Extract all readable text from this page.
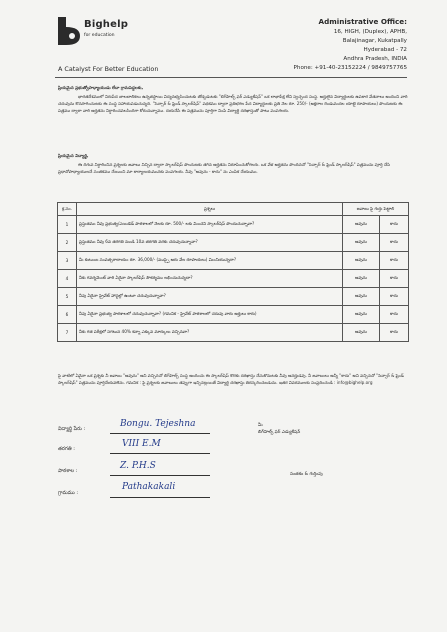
Bighelp
for education
A Catalyst For Better Education
Administrative Office:
16, HIGH, (Duplex), APHB,
Balajinagar, Kukatpally
Hyderabad - 72
Andhra Pradesh, INDIA
Phone: +91-40-23152224 / 9849757765
ప్రియమైన ప్రభుత్వోపాధ్యాయుడు లేదా గ్రామపెద్దలకు,
భారతదేశములో నిరుపేద బాలబాలికలు ఉన్నతస్థాయి విద్యనభ్యసించుటకు తోడ్పడుటకు "బిగ్‌హెల్ప్ ఫర్ ఎడ్యుకేషన్" ఒక లాభాపేక్ష లేని స్వచ్ఛంద సంస్థ. అర్హులైన విద్యార్థులకు ఉపకార వేతనాలు అందించి వారి చదువును కొనసాగించుటకు ఈ సంస్థ సహాయపడుచున్నది. "సెన్సార్ & ఫ్రెండ్ స్కాలర్‌షిప్" పథకము ద్వారా ప్రతిభగల పేద విద్యార్థులకు ప్రతి నెల రూ. 250/- (అక్షరాల రెండువందల యాభై రూపాయలు) పొందుటకు ఈ పత్రము ద్వారా వారి అర్హతను నిర్ధారించవలసిందిగా కోరుచున్నాము. దయచేసి ఈ పత్రమును పూర్తిగా నింపి విద్యార్థి దరఖాస్తుతో పాటు పంపగలరు.
ప్రియమైన విద్యార్థి,
ఈ దిగువ నిర్ధారించిన ప్రశ్నలకు జవాబు నిచ్చిన ద్వారా స్కాలర్‌షిప్ పొందుటకు తగిన అర్హతను నిరూపించుకోగలరు. ఒక వేళ అర్హతను పొందినచో "సెన్సార్ & ఫ్రెండ్ స్కాలర్‌షిప్" పత్రమును పూర్తి చేసి ప్రధానోపాధ్యాయులచే సంతకము చేయించి మా కార్యాలయమునకు పంపగలరు. నీవు "అవును - కాదు" ను ఎంపిక చేయుము.
క్ర.సం.	ప్రశ్నలు	జవాబు పై గుర్తు పెట్టాలి	
1	ప్రస్తుతము నీవు ప్రభుత్వ/ఎయిడెడ్ పాఠశాలలో నెలకు రూ. 500/- లకు మించని స్కాలర్‌షిప్ పొందుచున్నావా?	అవును	కాదు
2	ప్రస్తుతము నీవు 6వ తరగతి నుండి 10వ తరగతి వరకు చదువుచున్నావా?	అవును	కాదు
3	మీ కుటుంబ సంవత్సరాదాయం రూ. 36,000/- (ముప్పై ఆరు వేల రూపాయలు) మించియున్నదా?	అవును	కాదు
4	నీకు గవర్నమెంట్ వారి ఏదైనా స్కాలర్‌షిప్ సౌకర్యము లభించుచున్నదా?	అవును	కాదు
5	నీవు ఏదైనా ప్రైవేట్ హాస్టల్లో ఉంటూ చదువుచున్నావా?	అవును	కాదు
6	నీవు ఏదైనా ప్రభుత్వ పాఠశాలలో చదువుచున్నావా? (గమనిక - ప్రైవేట్ పాఠశాలలో చదువు వారు అర్హులు కారు)	అవును	కాదు
7	నీకు గత పరీక్షలో సగటున 40% కన్నా ఎక్కువ మార్కులు వచ్చినవా?	అవును	కాదు
పై వాటిలో ఏవైనా ఒక ప్రశ్నకు నీ జవాబు "అవును" అని వచ్చినచో బిగ్‌హెల్ప్ సంస్థ అందించు ఈ స్కాలర్‌షిప్ కొరకు దరఖాస్తు చేసుకొనుటకు నీవు అనర్హుడవు. నీ జవాబులు అన్నీ "కాదు" అని వచ్చినచో "సెన్సార్ & ఫ్రెండ్ స్కాలర్‌షిప్" పత్రమును పూర్తిచేయవలెను. గమనిక : పై ప్రశ్నలకు జవాబులు తప్పుగా ఇచ్చినట్లయితే విద్యార్థి దరఖాస్తు తిరస్కరించబడును. ఇతర వివరములకు సంప్రదించండి : info@bighelp.org
విద్యార్థి పేరు :	Bongu. Tejeshna
తరగతి :	VIII E.M
పాఠశాల :	Z. P.H.S
గ్రామము :
Pathakakali
మీ
బిగ్‌హెల్ప్ ఫర్ ఎడ్యుకేషన్
సంతకం & గుర్తింపు
